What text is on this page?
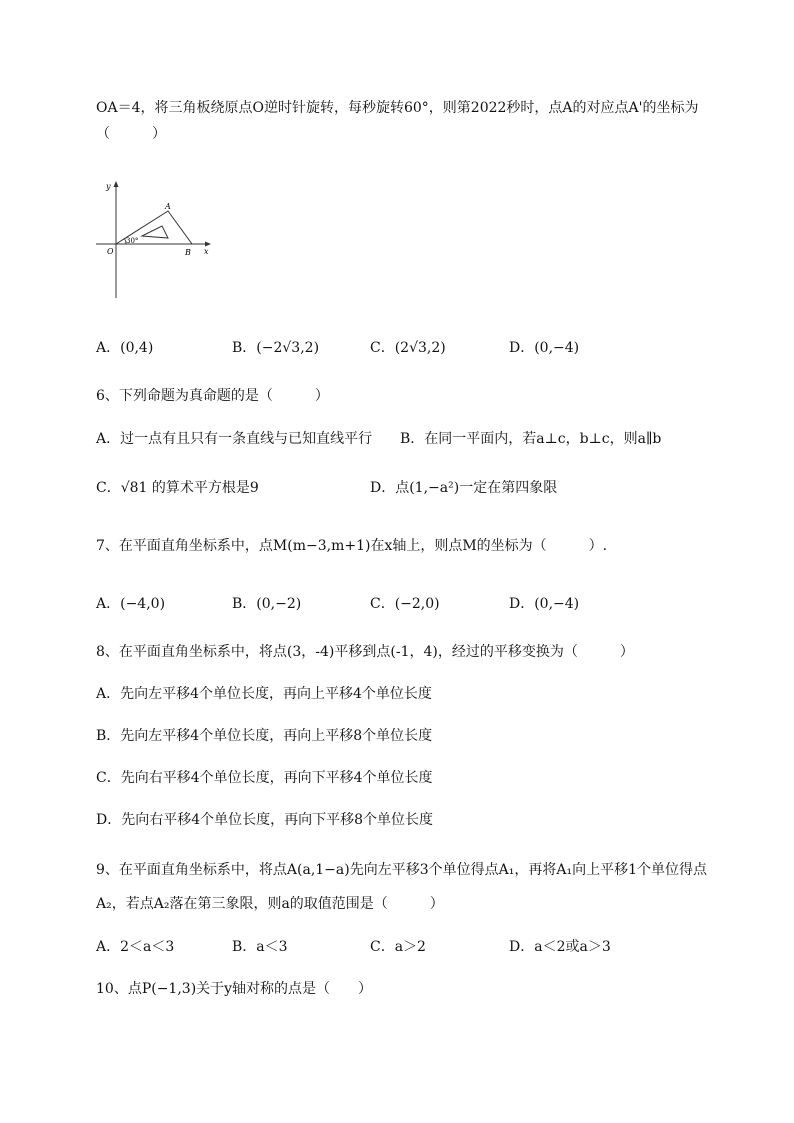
OA＝4，将三角板绕原点O逆时针旋转，每秒旋转60°，则第2022秒时，点A的对应点A'的坐标为
（　　　）
y
x
O
A
B
30°
A．(0,4)	B．(−2√3,2)	C．(2√3,2)	D．(0,−4)
6、下列命题为真命题的是（　　　）
A．过一点有且只有一条直线与已知直线平行 B．在同一平面内，若a⊥c，b⊥c，则a∥b
C．√81 的算术平方根是9	D．点(1,−a²)一定在第四象限
7、在平面直角坐标系中，点M(m−3,m+1)在x轴上，则点M的坐标为（　　　）.
A．(−4,0)	B．(0,−2)	C．(−2,0)	D．(0,−4)
8、在平面直角坐标系中，将点(3，-4)平移到点(-1，4)，经过的平移变换为（　　　）
A．先向左平移4个单位长度，再向上平移4个单位长度
B．先向左平移4个单位长度，再向上平移8个单位长度
C．先向右平移4个单位长度，再向下平移4个单位长度
D．先向右平移4个单位长度，再向下平移8个单位长度
9、在平面直角坐标系中，将点A(a,1−a)先向左平移3个单位得点A₁，再将A₁向上平移1个单位得点
A₂，若点A₂落在第三象限，则a的取值范围是（　　　）
A．2＜a＜3	B．a＜3	C．a＞2	D．a＜2或a＞3
10、点P(−1,3)关于y轴对称的点是（　　）
